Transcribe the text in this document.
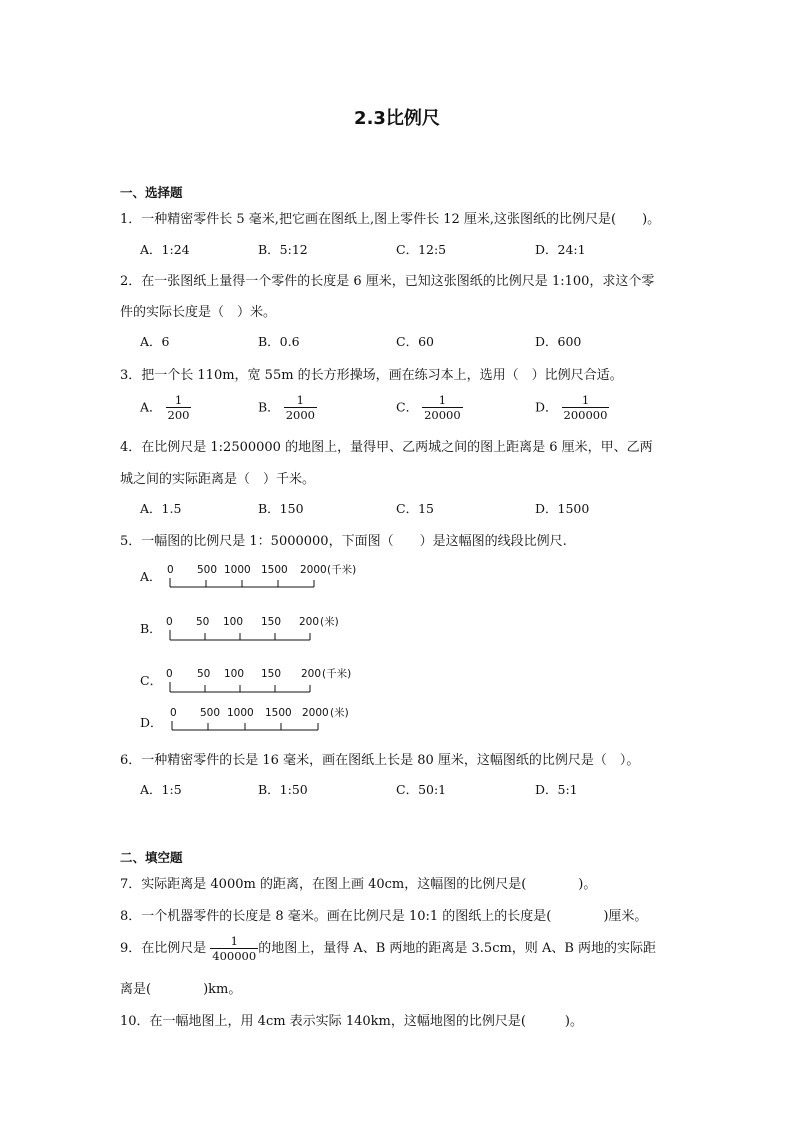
2.3比例尺
一、选择题
1．一种精密零件长 5 毫米,把它画在图纸上,图上零件长 12 厘米,这张图纸的比例尺是(　　)。
A．1:24	B．5:12	C．12:5	D．24:1
2．在一张图纸上量得一个零件的长度是 6 厘米，已知这张图纸的比例尺是 1:100，求这个零
件的实际长度是（　）米。
A．6	B．0.6	C．60	D．600
3．把一个长 110m，宽 55m 的长方形操场，画在练习本上，选用（　）比例尺合适。
A． $\frac{1}{200}$	B． $\frac{1}{2000}$	C． $\frac{1}{20000}$	D． $\frac{1}{200000}$
4．在比例尺是 1:2500000 的地图上，量得甲、乙两城之间的图上距离是 6 厘米，甲、乙两
城之间的实际距离是（　）千米。
A．1.5	B．150	C．15	D．1500
5．一幅图的比例尺是 1：5000000，下面图（　　）是这幅图的线段比例尺.
A．
B．
C．
D．
0 500 1000 1500 2000 (千米)
0 50 100 150 200 (米)
0 50 100 150 200 (千米)
0 500 1000 1500 2000 (米)
6．一种精密零件的长是 16 毫米，画在图纸上长是 80 厘米，这幅图纸的比例尺是（　）。
A．1:5	B．1:50	C．50:1	D．5:1
二、填空题
7．实际距离是 4000m 的距离，在图上画 40cm，这幅图的比例尺是(　　　　)。
8．一个机器零件的长度是 8 毫米。画在比例尺是 10:1 的图纸上的长度是(　　　　)厘米。
9．在比例尺是 $\frac{1}{400000}$ 的地图上，量得 A、B 两地的距离是 3.5cm，则 A、B 两地的实际距
离是(　　　　)km。
10．在一幅地图上，用 4cm 表示实际 140km，这幅地图的比例尺是(　　　)。
